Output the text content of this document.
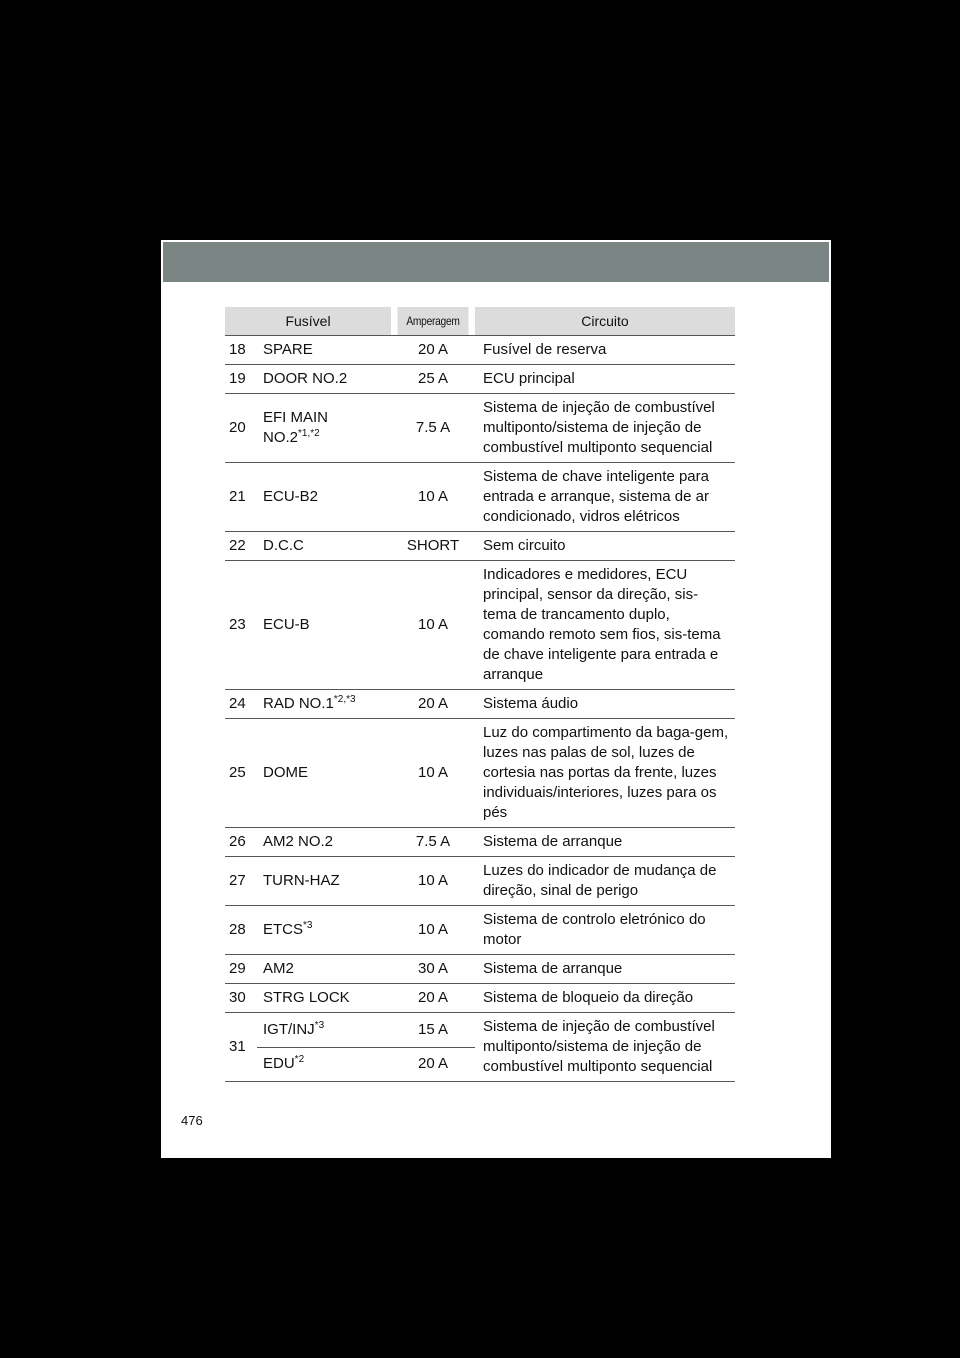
Fusível		Amperagem	Circuito
18	SPARE	20 A	Fusível de reserva
19	DOOR NO.2	25 A	ECU principal
20	EFI MAIN $NO.2^{*1,*2}$	7.5 A	Sistema de injeção de combustível multiponto/sistema de injeção de combustível multiponto sequencial
21	ECU-B2	10 A	Sistema de chave inteligente para entrada e arranque, sistema de ar condicionado, vidros elétricos
22	D.C.C	SHORT	Sem circuito
23	ECU-B	10 A	Indicadores e medidores, ECU principal, sensor da direção, sis-tema de trancamento duplo, comando remoto sem fios, sis-tema de chave inteligente para entrada e arranque
24	RAD $NO.1^{*2,*3}$	20 A	Sistema áudio
25	DOME	10 A	Luz do compartimento da baga-gem, luzes nas palas de sol, luzes de cortesia nas portas da frente, luzes individuais/interiores, luzes para os pés
26	AM2 NO.2	7.5 A	Sistema de arranque
27	TURN-HAZ	10 A	Luzes do indicador de mudança de direção, sinal de perigo
28	ETCS$^{*3}$	10 A	Sistema de controlo eletrónico do motor
29	AM2	30 A	Sistema de arranque
30	STRG LOCK	20 A	Sistema de bloqueio da direção
31	IGT/INJ$^{*3}$	15 A	Sistema de injeção de combustível multiponto/sistema de injeção de combustível multiponto sequencial
	EDU$^{*2}$	20 A	
476
